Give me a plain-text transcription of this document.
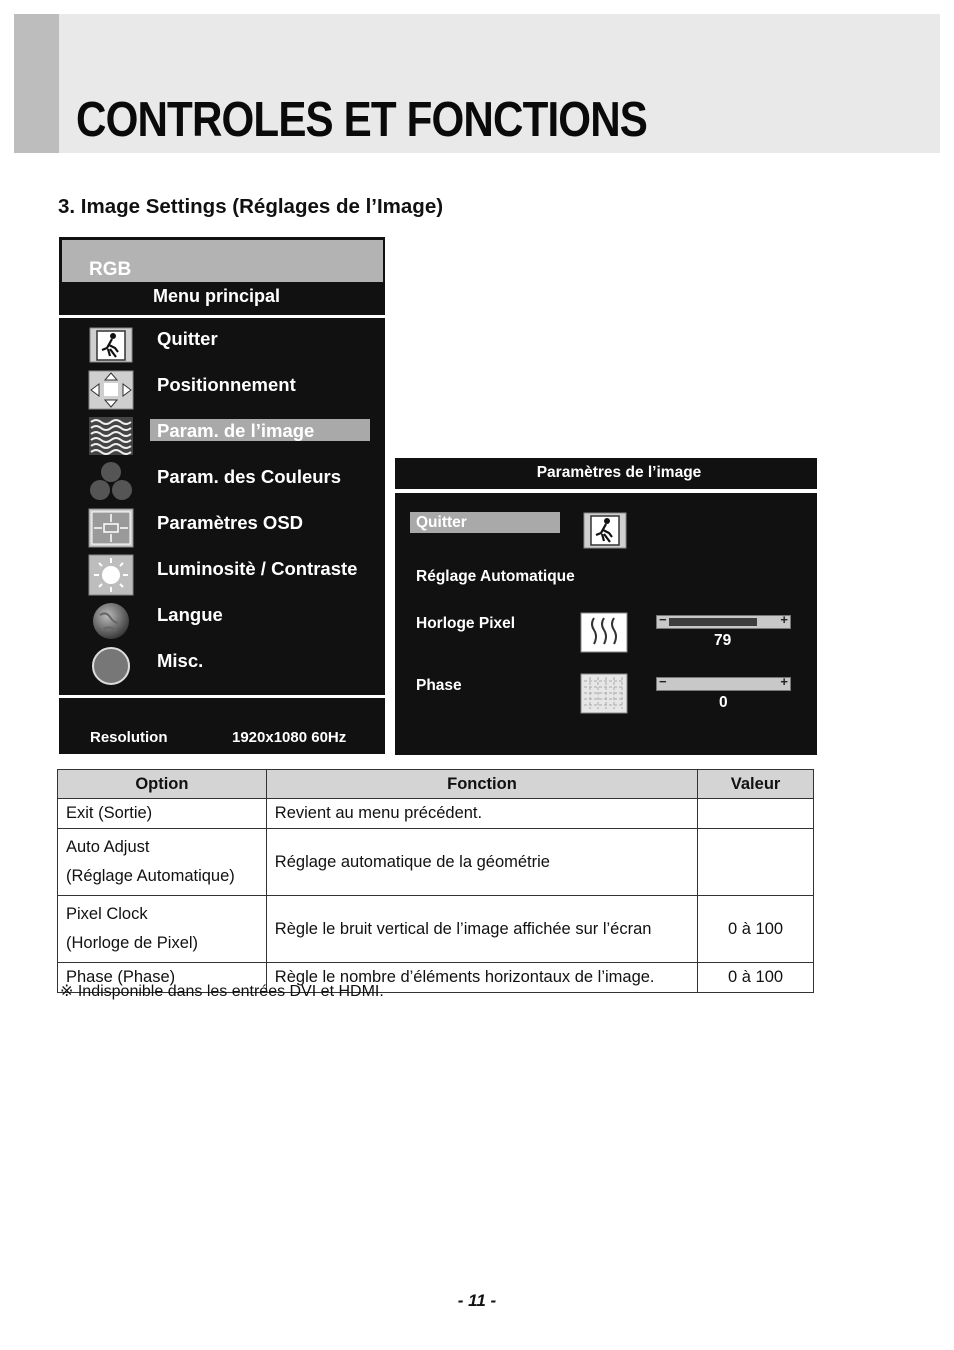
CONTROLES ET FONCTIONS
3. Image Settings (Réglages de l’Image)
RGB
Menu principal
Quitter
Positionnement
Param. de l’image
Param. des Couleurs
Paramètres OSD
Luminositè / Contraste
Langue
Misc.
Resolution	1920x1080 60Hz
Paramètres de l’image
Quitter
Réglage Automatique
Horloge Pixel	−	+
79
Phase	−	+
0
Option	Fonction	Valeur
Exit (Sortie)	Revient au menu précédent.	
Auto Adjust
(Réglage Automatique)	Réglage automatique de la géométrie	
Pixel Clock
(Horloge de Pixel)	Règle le bruit vertical de l’image affichée sur l’écran	0 à 100
Phase (Phase)	Règle le nombre d’éléments horizontaux de l’image.	0 à 100
※ Indisponible dans les entrées DVI et HDMI.
- 11 -
